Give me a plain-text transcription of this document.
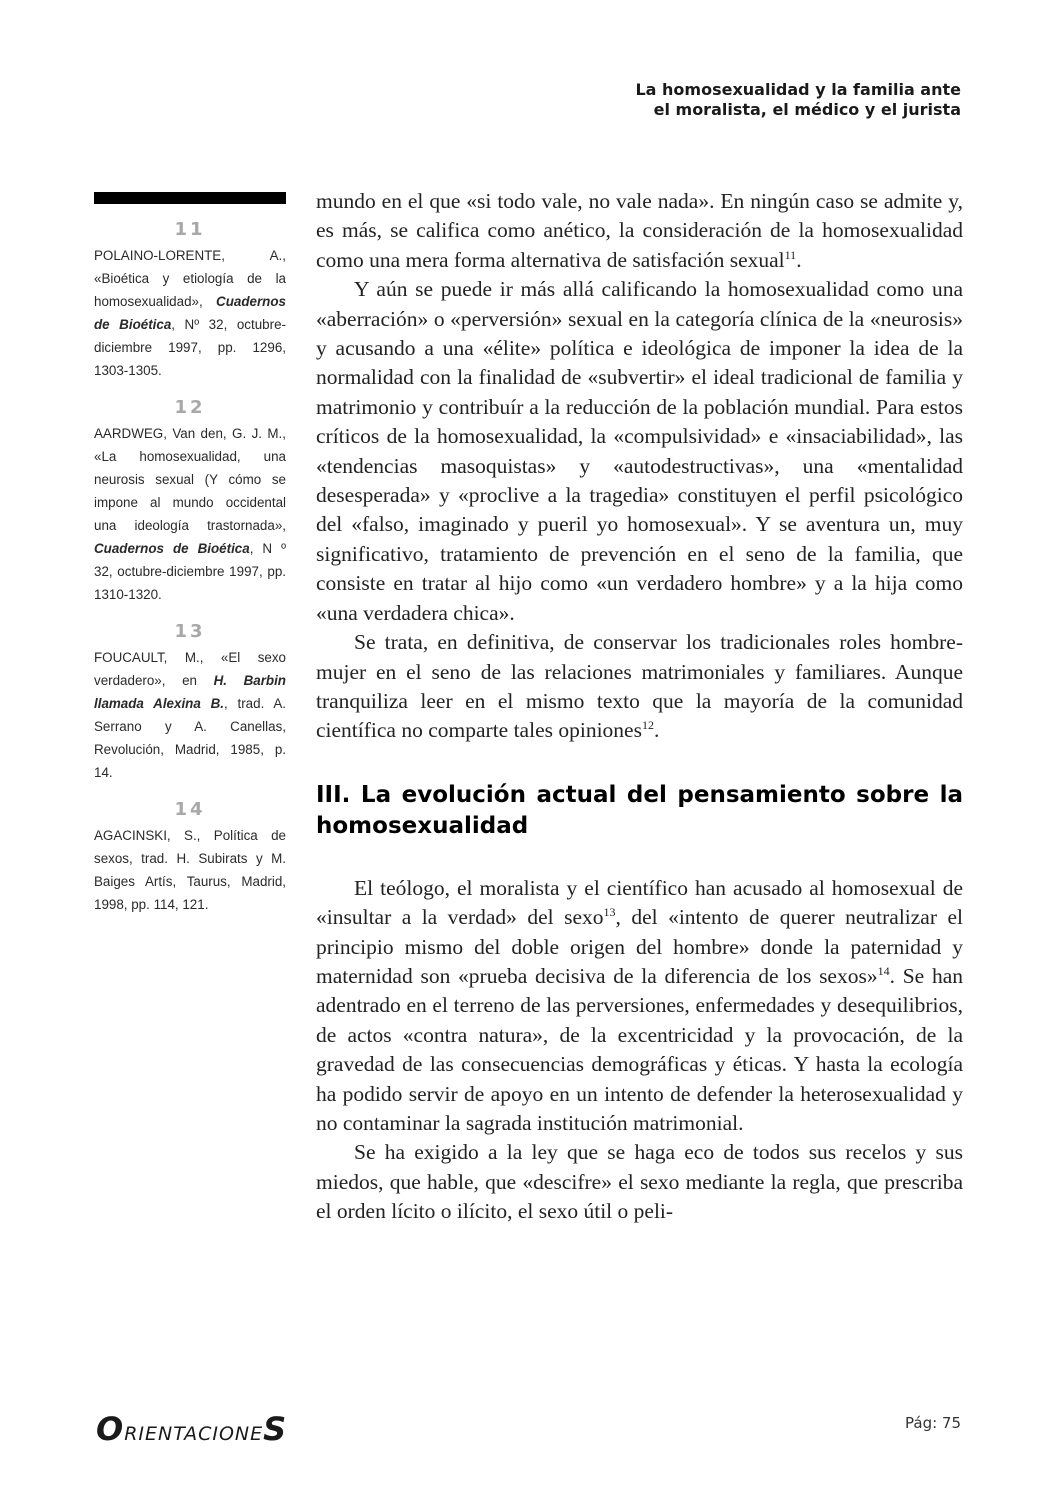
La homosexualidad y la familia ante
el moralista, el médico y el jurista
11
POLAINO-LORENTE, A., «Bioética y etiología de la homosexualidad», Cuadernos de Bioética, Nº 32, octubre-diciembre 1997, pp. 1296, 1303-1305.
12
AARDWEG, Van den, G. J. M., «La homosexualidad, una neurosis sexual (Y cómo se impone al mundo occidental una ideología trastornada», Cuadernos de Bioética, N º 32, octubre-diciembre 1997, pp. 1310-1320.
13
FOUCAULT, M., «El sexo verdadero», en H. Barbin llamada Alexina B., trad. A. Serrano y A. Canellas, Revolución, Madrid, 1985, p. 14.
14
AGACINSKI, S., Política de sexos, trad. H. Subirats y M. Baiges Artís, Taurus, Madrid, 1998, pp. 114, 121.

mundo en el que «si todo vale, no vale nada». En ningún caso se admite y, es más, se califica como anético, la consideración de la homosexualidad como una mera forma alternativa de satisfación sexual$^{11}$.

Y aún se puede ir más allá calificando la homosexualidad como una «aberración» o «perversión» sexual en la categoría clínica de la «neurosis» y acusando a una «élite» política e ideológica de imponer la idea de la normalidad con la finalidad de «subvertir» el ideal tradicional de familia y matrimonio y contribuír a la reducción de la población mundial. Para estos críticos de la homosexualidad, la «compulsividad» e «insaciabilidad», las «tendencias masoquistas» y «autodestructivas», una «mentalidad desesperada» y «proclive a la tragedia» constituyen el perfil psicológico del «falso, imaginado y pueril yo homosexual». Y se aventura un, muy significativo, tratamiento de prevención en el seno de la familia, que consiste en tratar al hijo como «un verdadero hombre» y a la hija como «una verdadera chica».

Se trata, en definitiva, de conservar los tradicionales roles hombre-mujer en el seno de las relaciones matrimoniales y familiares. Aunque tranquiliza leer en el mismo texto que la mayoría de la comunidad científica no comparte tales opiniones$^{12}$.

III. La evolución actual del pensamiento sobre la homosexualidad

El teólogo, el moralista y el científico han acusado al homosexual de «insultar a la verdad» del sexo$^{13}$, del «intento de querer neutralizar el principio mismo del doble origen del hombre» donde la paternidad y maternidad son «prueba decisiva de la diferencia de los sexos»$^{14}$. Se han adentrado en el terreno de las perversiones, enfermedades y desequilibrios, de actos «contra natura», de la excentricidad y la provocación, de la gravedad de las consecuencias demográficas y éticas. Y hasta la ecología ha podido servir de apoyo en un intento de defender la heterosexualidad y no contaminar la sagrada institución matrimonial.

Se ha exigido a la ley que se haga eco de todos sus recelos y sus miedos, que hable, que «descifre» el sexo mediante la regla, que prescriba el orden lícito o ilícito, el sexo útil o peli-

O RIENTACIONE S	Pág: 75
